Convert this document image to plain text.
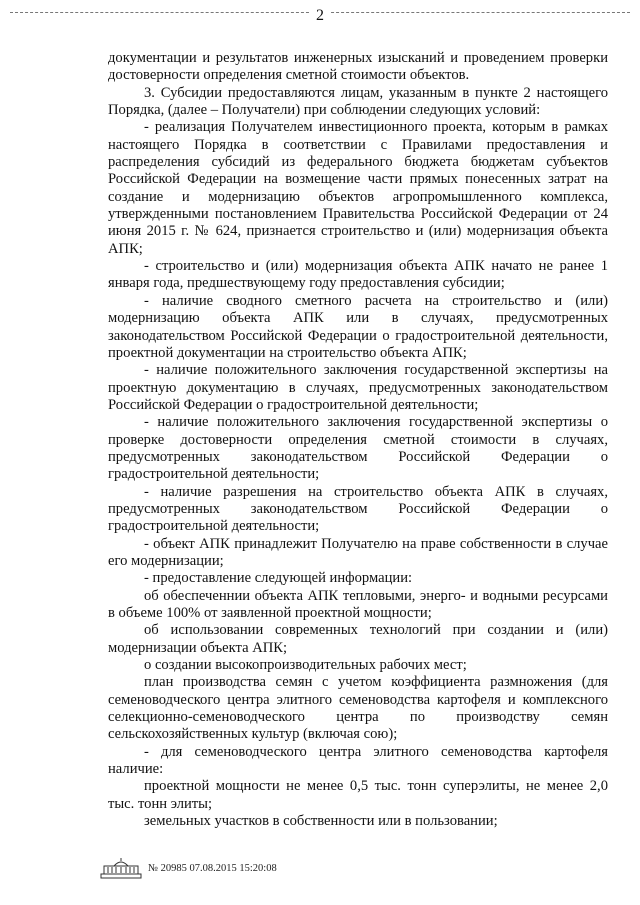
2

документации и результатов инженерных изысканий и проведением проверки достоверности определения сметной стоимости объектов.

3. Субсидии предоставляются лицам, указанным в пункте 2 настоящего Порядка, (далее – Получатели) при соблюдении следующих условий:

- реализация Получателем инвестиционного проекта, которым в рамках настоящего Порядка в соответствии с Правилами предоставления и распределения субсидий из федерального бюджета бюджетам субъектов Российской Федерации на возмещение части прямых понесенных затрат на создание и модернизацию объектов агропромышленного комплекса, утвержденными постановлением Правительства Российской Федерации от 24 июня 2015 г. № 624, признается строительство и (или) модернизация объекта АПК;

- строительство и (или) модернизация объекта АПК начато не ранее 1 января года, предшествующему году предоставления субсидии;

- наличие сводного сметного расчета на строительство и (или) модернизацию объекта АПК или в случаях, предусмотренных законодательством Российской Федерации о градостроительной деятельности, проектной документации на строительство объекта АПК;

- наличие положительного заключения государственной экспертизы на проектную документацию в случаях, предусмотренных законодательством Российской Федерации о градостроительной деятельности;

- наличие положительного заключения государственной экспертизы о проверке достоверности определения сметной стоимости в случаях, предусмотренных законодательством Российской Федерации о градостроительной деятельности;

- наличие разрешения на строительство объекта АПК в случаях, предусмотренных законодательством Российской Федерации о градостроительной деятельности;

- объект АПК принадлежит Получателю на праве собственности в случае его модернизации;

- предоставление следующей информации:

об обеспеченнии объекта АПК тепловыми, энерго- и водными ресурсами в объеме 100% от заявленной проектной мощности;

об использовании современных технологий при создании и (или) модернизации объекта АПК;

о создании высокопроизводительных рабочих мест;

план производства семян с учетом коэффициента размножения (для семеноводческого центра элитного семеноводства картофеля и комплексного селекционно-семеноводческого центра по производству семян сельскохозяйственных культур (включая сою);

- для семеноводческого центра элитного семеноводства картофеля наличие:

проектной мощности не менее 0,5 тыс. тонн суперэлиты, не менее 2,0 тыс. тонн элиты;

земельных участков в собственности или в пользовании;

№ 20985 07.08.2015 15:20:08
